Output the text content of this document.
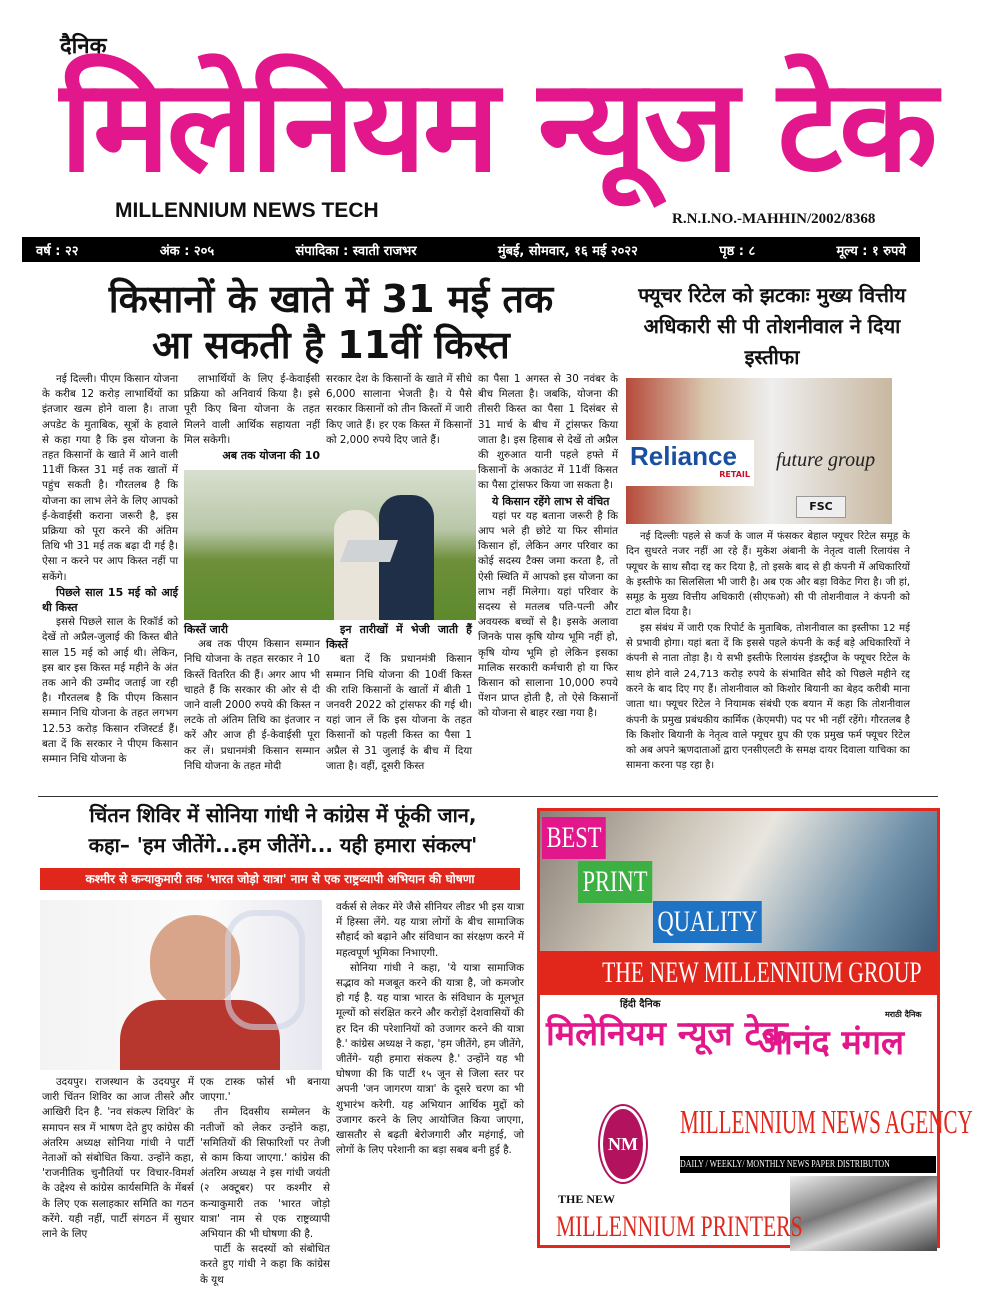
दैनिक
मिलेनियम न्यूज टेक
MILLENNIUM NEWS TECH	R.N.I.NO.-MAHHIN/2002/8368
वर्ष : २२	अंक : २०५	संपादिका : स्वाती राजभर	मुंबई, सोमवार, १६ मई २०२२	पृष्ठ : ८	मूल्य : १ रुपये
किसानों के खाते में 31 मई तक
आ सकती है 11वीं किस्त

नई दिल्ली। पीएम किसान योजना के करीब 12 करोड़ लाभार्थियों का इंतजार खत्म होने वाला है। ताजा अपडेट के मुताबिक, सूत्रों के हवाले से कहा गया है कि इस योजना के तहत किसानों के खाते में आने वाली 11वीं किस्त 31 मई तक खातों में पहुंच सकती है। गौरतलब है कि योजना का लाभ लेने के लिए आपको ई-केवाईसी कराना जरूरी है, इस प्रक्रिया को पूरा करने की अंतिम तिथि भी 31 मई तक बढ़ा दी गई है। ऐसा न करने पर आप किस्त नहीं पा सकेंगे।

पिछले साल 15 मई को आई थी किस्त

इससे पिछले साल के रिकॉर्ड को देखें तो अप्रैल-जुलाई की किस्त बीते साल 15 मई को आई थी। लेकिन, इस बार इस किस्त मई महीने के अंत तक आने की उम्मीद जताई जा रही है। गौरतलब है कि पीएम किसान सम्मान निधि योजना के तहत लगभग 12.53 करोड़ किसान रजिस्टर्ड हैं। बता दें कि सरकार ने पीएम किसान सम्मान निधि योजना के

लाभार्थियों के लिए ई-केवाईसी प्रक्रिया को अनिवार्य किया है। इसे पूरी किए बिना योजना के तहत मिलने वाली आर्थिक सहायता नहीं मिल सकेगी।

अब तक योजना की 10

सरकार देश के किसानों के खाते में सीधे 6,000 सालाना भेजती है। ये पैसे सरकार किसानों को तीन किस्तों में जारी किए जाते हैं। हर एक किस्त में किसानों को 2,000 रुपये दिए जाते हैं।

किस्तें जारी

अब तक पीएम किसान सम्मान निधि योजना के तहत सरकार ने 10 किस्तें वितरित की हैं। अगर आप भी चाहते हैं कि सरकार की ओर से दी जाने वाली 2000 रुपये की किस्त न लटके तो अंतिम तिथि का इंतजार न करें और आज ही ई-केवाईसी पूरा कर लें। प्रधानमंत्री किसान सम्मान निधि योजना के तहत मोदी

इन तारीखों में भेजी जाती हैं किस्तें

बता दें कि प्रधानमंत्री किसान सम्मान निधि योजना की 10वीं किस्त की राशि किसानों के खातों में बीती 1 जनवरी 2022 को ट्रांसफर की गई थी। यहां जान लें कि इस योजना के तहत किसानों को पहली किस्त का पैसा 1 अप्रैल से 31 जुलाई के बीच में दिया जाता है। वहीं, दूसरी किस्त

का पैसा 1 अगस्त से 30 नवंबर के बीच मिलता है। जबकि, योजना की तीसरी किस्त का पैसा 1 दिसंबर से 31 मार्च के बीच में ट्रांसफर किया जाता है। इस हिसाब से देखें तो अप्रैल की शुरुआत यानी पहले हफ्ते में किसानों के अकाउंट में 11वीं किसत का पैसा ट्रांसफर किया जा सकता है।

ये किसान रहेंगे लाभ से वंचित

यहां पर यह बताना जरूरी है कि आप भले ही छोटे या फिर सीमांत किसान हों, लेकिन अगर परिवार का कोई सदस्य टैक्स जमा करता है, तो ऐसी स्थिति में आपको इस योजना का लाभ नहीं मिलेगा। यहां परिवार के सदस्य से मतलब पति-पत्नी और अवयस्क बच्चों से है। इसके अलावा जिनके पास कृषि योग्य भूमि नहीं हो, कृषि योग्य भूमि हो लेकिन इसका मालिक सरकारी कर्मचारी हो या फिर किसान को सालाना 10,000 रुपये पेंशन प्राप्त होती है, तो ऐसे किसानों को योजना से बाहर रखा गया है।

फ्यूचर रिटेल को झटकाः मुख्य वित्तीय अधिकारी सी पी तोशनीवाल ने दिया इस्तीफा
Reliance
RETAIL
future group
FSC

नई दिल्लीः पहले से कर्ज के जाल में फंसकर बेहाल फ्यूचर रिटेल समूह के दिन सुधरते नजर नहीं आ रहे हैं। मुकेश अंबानी के नेतृत्व वाली रिलायंस ने फ्यूचर के साथ सौदा रद्द कर दिया है, तो इसके बाद से ही कंपनी में अधिकारियों के इस्तीफे का सिलसिला भी जारी है। अब एक और बड़ा विकेट गिरा है। जी हां, समूह के मुख्य वित्तीय अधिकारी (सीएफओ) सी पी तोशनीवाल ने कंपनी को टाटा बोल दिया है।

इस संबंध में जारी एक रिपोर्ट के मुताबिक, तोशनीवाल का इस्तीफा 12 मई से प्रभावी होगा। यहां बता दें कि इससे पहले कंपनी के कई बड़े अधिकारियों ने कंपनी से नाता तोड़ा है। ये सभी इस्तीफे रिलायंस इंडस्ट्रीज के फ्यूचर रिटेल के साथ होने वाले 24,713 करोड़ रुपये के संभावित सौदे को पिछले महीने रद्द करने के बाद दिए गए हैं। तोशनीवाल को किशोर बियानी का बेहद करीबी माना जाता था। फ्यूचर रिटेल ने नियामक संबंधी एक बयान में कहा कि तोशनीवाल कंपनी के प्रमुख प्रबंधकीय कार्मिक (केएमपी) पद पर भी नहीं रहेंगे। गौरतलब है कि किशोर बियानी के नेतृत्व वाले फ्यूचर ग्रुप की एक प्रमुख फर्म फ्यूचर रिटेल को अब अपने ऋणदाताओं द्वारा एनसीएलटी के समक्ष दायर दिवाला याचिका का सामना करना पड़ रहा है।

चिंतन शिविर में सोनिया गांधी ने कांग्रेस में फूंकी जान,
कहा– 'हम जीतेंगे...हम जीतेंगे... यही हमारा संकल्प'
कश्मीर से कन्याकुमारी तक 'भारत जोड़ो यात्रा' नाम से एक राष्ट्रव्यापी अभियान की घोषणा

उदयपुर। राजस्थान के उदयपुर में जारी चिंतन शिविर का आज तीसरे और आखिरी दिन है. 'नव संकल्प शिविर' के समापन सत्र में भाषण देते हुए कांग्रेस की अंतरिम अध्यक्ष सोनिया गांधी ने पार्टी नेताओं को संबोधित किया. उन्होंने कहा, 'राजनीतिक चुनौतियों पर विचार-विमर्श के उद्देश्य से कांग्रेस कार्यसमिति के मेंबर्स के लिए एक सलाहकार समिति का गठन करेंगे. यही नहीं, पार्टी संगठन में सुधार लाने के लिए

एक टास्क फोर्स भी बनाया जाएगा.'

तीन दिवसीय सम्मेलन के नतीजों को लेकर उन्होंने कहा, 'समितियों की सिफारिशों पर तेजी से काम किया जाएगा.' कांग्रेस की अंतरिम अध्यक्ष ने इस गांधी जयंती (२ अक्टूबर) पर कश्मीर से कन्याकुमारी तक 'भारत जोड़ो यात्रा' नाम से एक राष्ट्रव्यापी अभियान की भी घोषणा की है.

पार्टी के सदस्यों को संबोधित करते हुए गांधी ने कहा कि कांग्रेस के यूथ

वर्कर्स से लेकर मेरे जैसे सीनियर लीडर भी इस यात्रा में हिस्सा लेंगे. यह यात्रा लोगों के बीच सामाजिक सौहार्द को बढ़ाने और संविधान का संरक्षण करने में महत्वपूर्ण भूमिका निभाएगी.

सोनिया गांधी ने कहा, 'ये यात्रा सामाजिक सद्भाव को मजबूत करने की यात्रा है, जो कमजोर हो गई है. यह यात्रा भारत के संविधान के मूलभूत मूल्यों को संरक्षित करने और करोड़ों देशवासियों की हर दिन की परेशानियों को उजागर करने की यात्रा है.' कांग्रेस अध्यक्ष ने कहा, 'हम जीतेंगे, हम जीतेंगे, जीतेंगे- यही हमारा संकल्प है.' उन्होंने यह भी घोषणा की कि पार्टी १५ जून से जिला स्तर पर अपनी 'जन जागरण यात्रा' के दूसरे चरण का भी शुभारंभ करेगी. यह अभियान आर्थिक मुद्दों को उजागर करने के लिए आयोजित किया जाएगा, खासतौर से बढ़ती बेरोजगारी और महंगाई, जो लोगों के लिए परेशानी का बड़ा सबब बनी हुई है.

BEST
PRINT
QUALITY
THE NEW MILLENNIUM GROUP
हिंदी दैनिक
मिलेनियम न्यूज टेक	मराठी दैनिक
आनंद मंगल
NM
MILLENNIUM NEWS AGENCY
DAILY / WEEKLY/ MONTHLY NEWS PAPER DISTRIBUTON
THE NEW
MILLENNIUM PRINTERS
